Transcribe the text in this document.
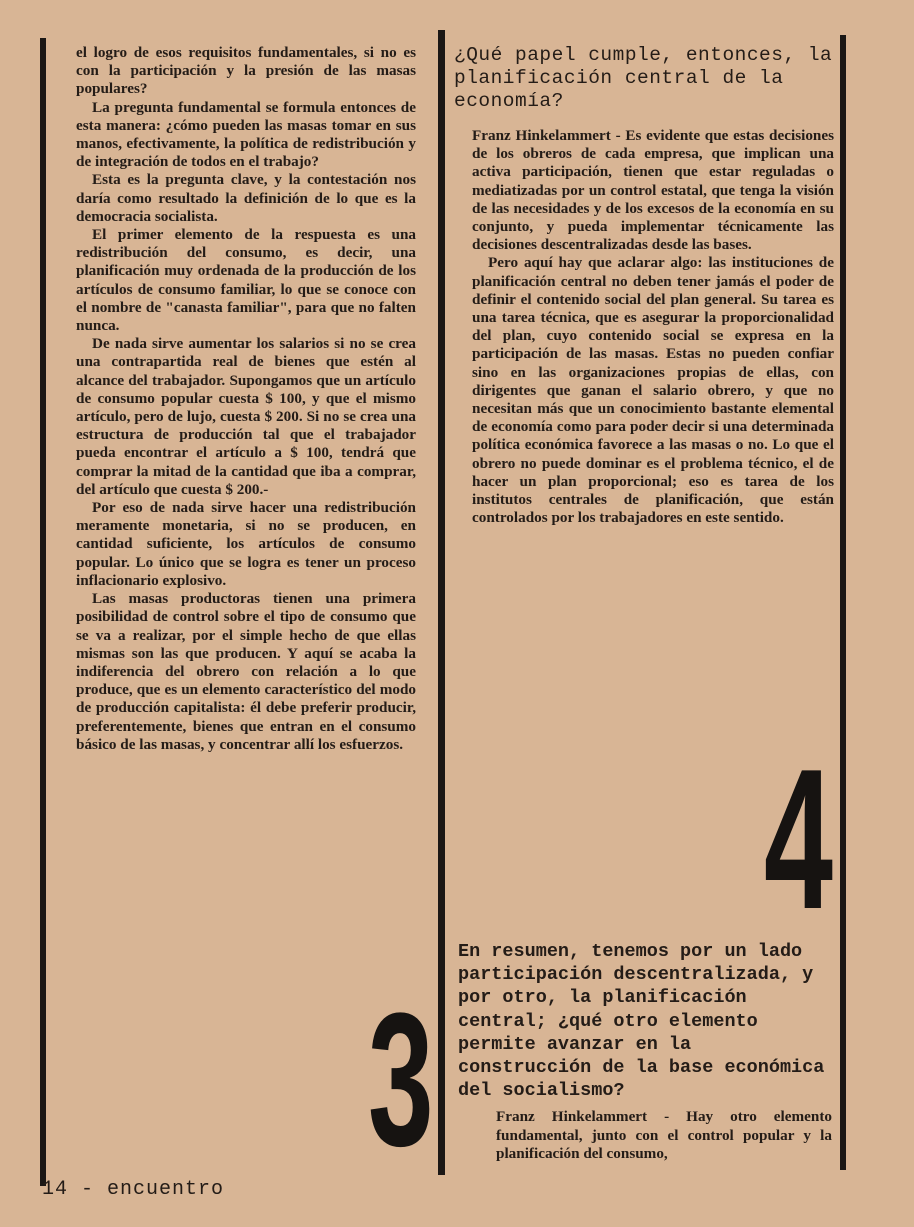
el logro de esos requisitos fundamentales, si no es con la participación y la presión de las masas populares?

La pregunta fundamental se formula entonces de esta manera: ¿cómo pueden las masas tomar en sus manos, efectivamente, la política de redistribución y de integración de todos en el trabajo?

Esta es la pregunta clave, y la contestación nos daría como resultado la definición de lo que es la democracia socialista.

El primer elemento de la respuesta es una redistribución del consumo, es decir, una planificación muy ordenada de la producción de los artículos de consumo familiar, lo que se conoce con el nombre de "canasta familiar", para que no falten nunca.

De nada sirve aumentar los salarios si no se crea una contrapartida real de bienes que estén al alcance del trabajador. Supongamos que un artículo de consumo popular cuesta $ 100, y que el mismo artículo, pero de lujo, cuesta $ 200. Si no se crea una estructura de producción tal que el trabajador pueda encontrar el artículo a $ 100, tendrá que comprar la mitad de la cantidad que iba a comprar, del artículo que cuesta $ 200.-

Por eso de nada sirve hacer una redistribución meramente monetaria, si no se producen, en cantidad suficiente, los artículos de consumo popular. Lo único que se logra es tener un proceso inflacionario explosivo.

Las masas productoras tienen una primera posibilidad de control sobre el tipo de consumo que se va a realizar, por el simple hecho de que ellas mismas son las que producen. Y aquí se acaba la indiferencia del obrero con relación a lo que produce, que es un elemento característico del modo de producción capitalista: él debe preferir producir, preferentemente, bienes que entran en el consumo básico de las masas, y concentrar allí los esfuerzos.

3

¿Qué papel cumple, entonces, la planificación central de la economía?

Franz Hinkelammert - Es evidente que estas decisiones de los obreros de cada empresa, que implican una activa participación, tienen que estar reguladas o mediatizadas por un control estatal, que tenga la visión de las necesidades y de los excesos de la economía en su conjunto, y pueda implementar técnicamente las decisiones descentralizadas desde las bases.

Pero aquí hay que aclarar algo: las instituciones de planificación central no deben tener jamás el poder de definir el contenido social del plan general. Su tarea es una tarea técnica, que es asegurar la proporcionalidad del plan, cuyo contenido social se expresa en la participación de las masas. Estas no pueden confiar sino en las organizaciones propias de ellas, con dirigentes que ganan el salario obrero, y que no necesitan más que un conocimiento bastante elemental de economía como para poder decir si una determinada política económica favorece a las masas o no. Lo que el obrero no puede dominar es el problema técnico, el de hacer un plan proporcional; eso es tarea de los institutos centrales de planificación, que están controlados por los trabajadores en este sentido.

4

En resumen, tenemos por un lado participación descentralizada, y por otro, la planificación central; ¿qué otro elemento permite avanzar en la construcción de la base económica del socialismo?

Franz Hinkelammert - Hay otro elemento fundamental, junto con el control popular y la planificación del consumo,

14 - encuentro
